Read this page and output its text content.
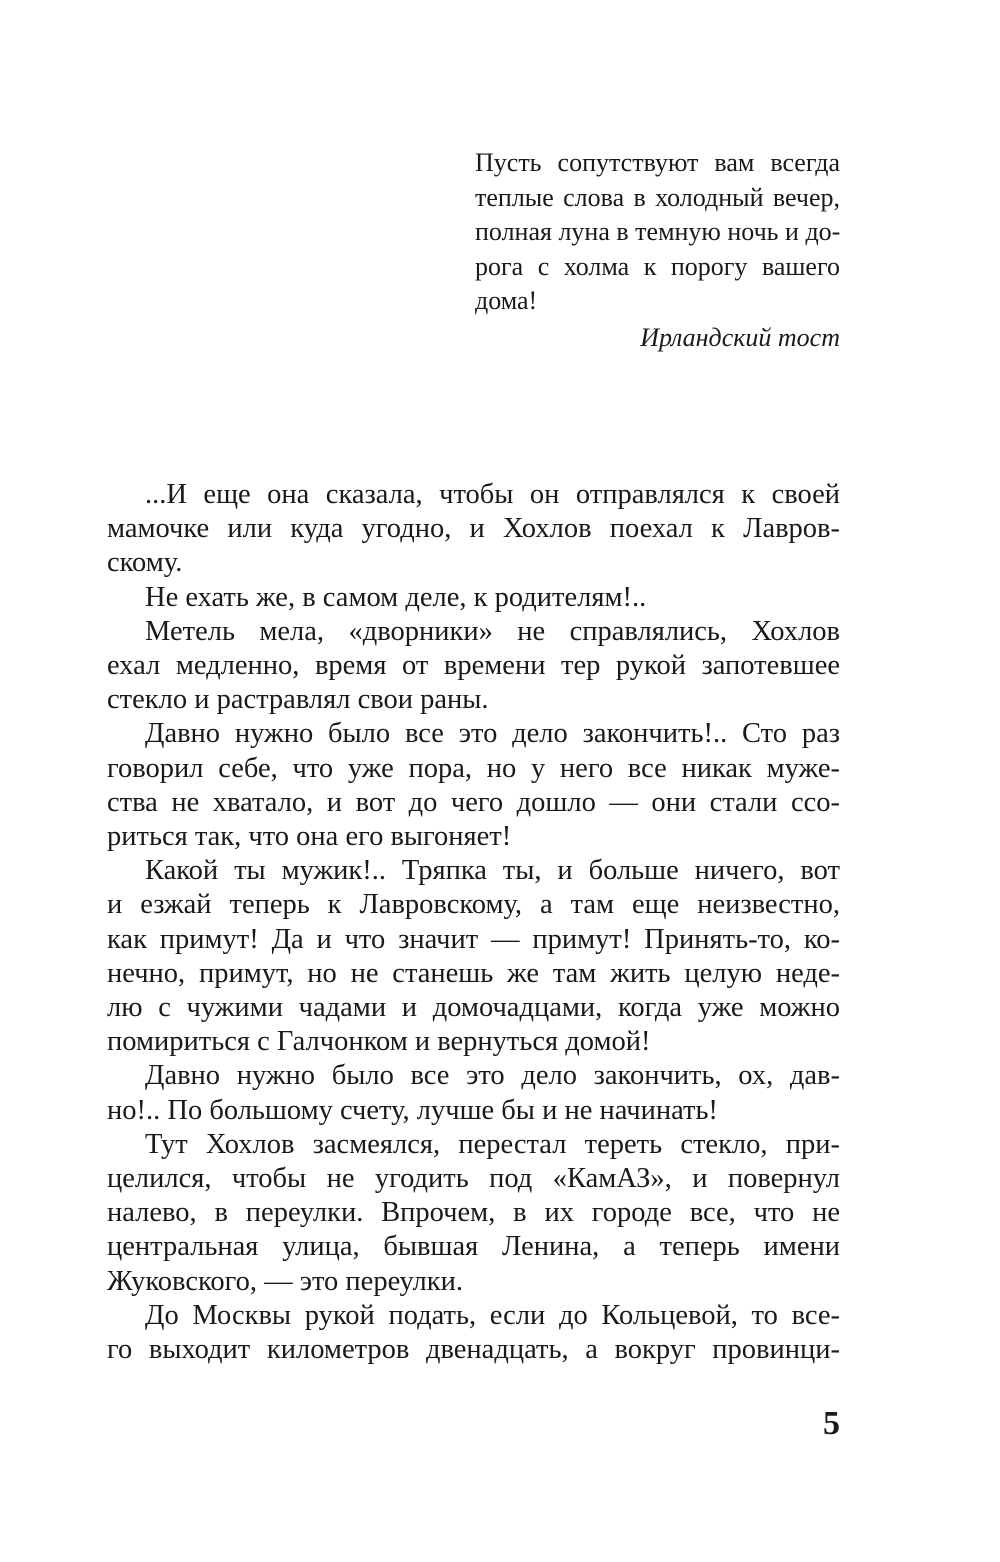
Пусть сопутствуют вам всегда
теплые слова в холодный вечер,
полная луна в темную ночь и до-
рога с холма к порогу вашего
дома!
Ирландский тост
...И еще она сказала, чтобы он отправлялся к своей
мамочке или куда угодно, и Хохлов поехал к Лавров-
скому.
Не ехать же, в самом деле, к родителям!..
Метель мела, «дворники» не справлялись, Хохлов
ехал медленно, время от времени тер рукой запотевшее
стекло и растравлял свои раны.
Давно нужно было все это дело закончить!.. Сто раз
говорил себе, что уже пора, но у него все никак муже-
ства не хватало, и вот до чего дошло — они стали ссо-
риться так, что она его выгоняет!
Какой ты мужик!.. Тряпка ты, и больше ничего, вот
и езжай теперь к Лавровскому, а там еще неизвестно,
как примут! Да и что значит — примут! Принять-то, ко-
нечно, примут, но не станешь же там жить целую неде-
лю с чужими чадами и домочадцами, когда уже можно
помириться с Галчонком и вернуться домой!
Давно нужно было все это дело закончить, ох, дав-
но!.. По большому счету, лучше бы и не начинать!
Тут Хохлов засмеялся, перестал тереть стекло, при-
целился, чтобы не угодить под «КамАЗ», и повернул
налево, в переулки. Впрочем, в их городе все, что не
центральная улица, бывшая Ленина, а теперь имени
Жуковского, — это переулки.
До Москвы рукой подать, если до Кольцевой, то все-
го выходит километров двенадцать, а вокруг провинци-
5
